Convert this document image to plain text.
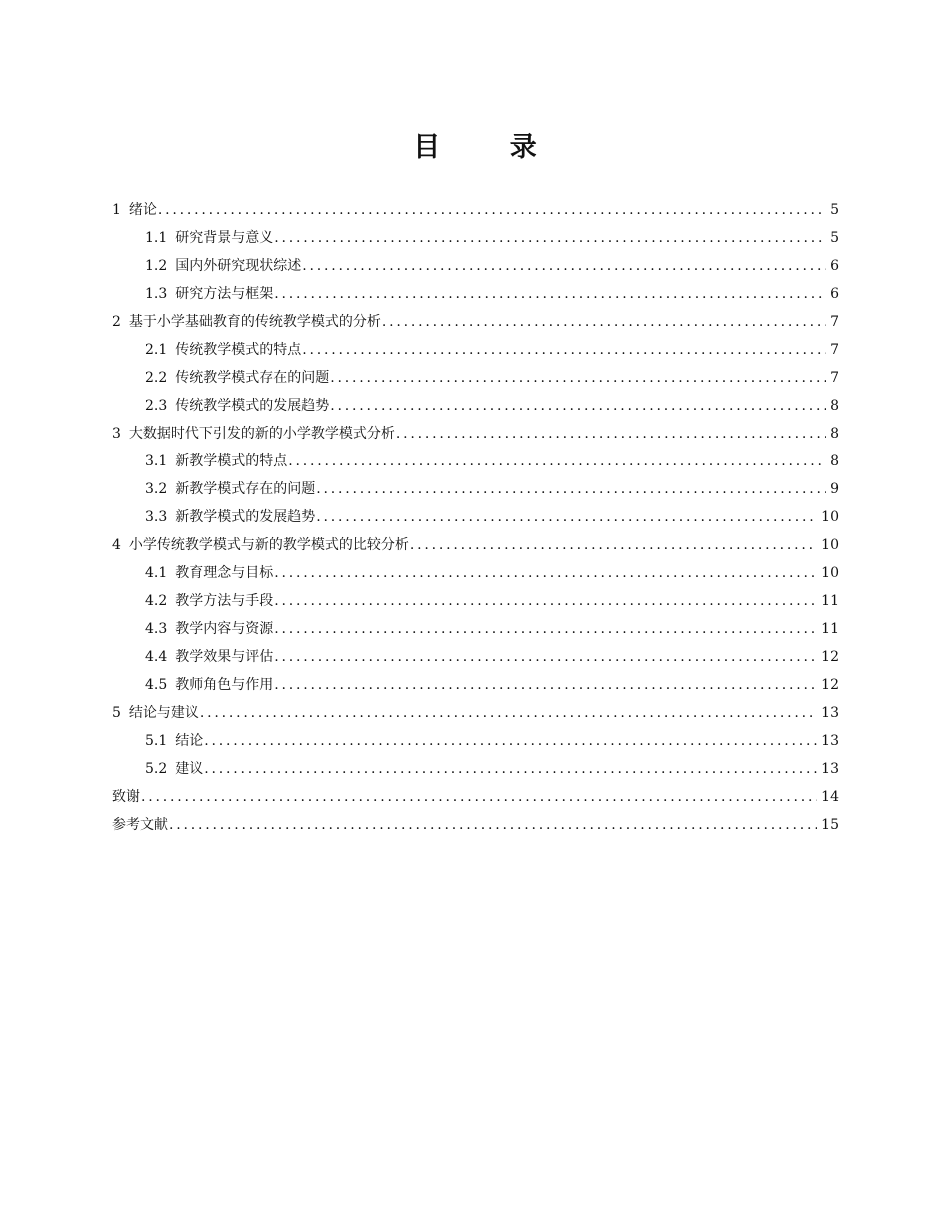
目 录
1 绪论 .....	5
1.1 研究背景与意义 .....	5
1.2 国内外研究现状综述 .....	6
1.3 研究方法与框架 .....	6
2 基于小学基础教育的传统教学模式的分析 .....	7
2.1 传统教学模式的特点 .....	7
2.2 传统教学模式存在的问题 .....	7
2.3 传统教学模式的发展趋势 .....	8
3 大数据时代下引发的新的小学教学模式分析 .....	8
3.1 新教学模式的特点 .....	8
3.2 新教学模式存在的问题 .....	9
3.3 新教学模式的发展趋势 .....	10
4 小学传统教学模式与新的教学模式的比较分析 .....	10
4.1 教育理念与目标 .....	10
4.2 教学方法与手段 .....	11
4.3 教学内容与资源 .....	11
4.4 教学效果与评估 .....	12
4.5 教师角色与作用 .....	12
5 结论与建议 .....	13
5.1 结论 .....	13
5.2 建议 .....	13
致谢 .....	14
参考文献 .....	15
